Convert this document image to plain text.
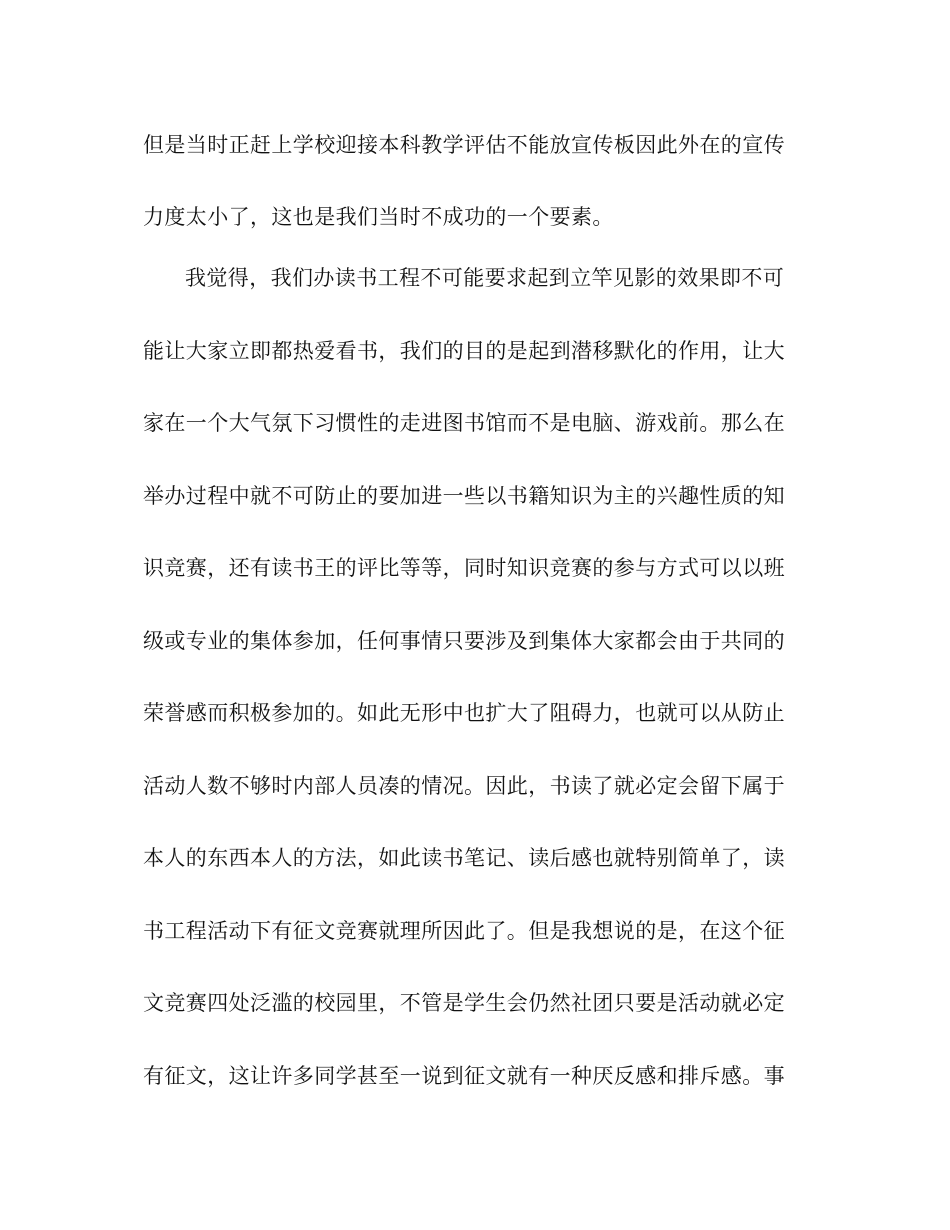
但是当时正赶上学校迎接本科教学评估不能放宣传板因此外在的宣传
力度太小了，这也是我们当时不成功的一个要素。
我觉得，我们办读书工程不可能要求起到立竿见影的效果即不可
能让大家立即都热爱看书，我们的目的是起到潜移默化的作用，让大
家在一个大气氛下习惯性的走进图书馆而不是电脑、游戏前。那么在
举办过程中就不可防止的要加进一些以书籍知识为主的兴趣性质的知
识竞赛，还有读书王的评比等等，同时知识竞赛的参与方式可以以班
级或专业的集体参加，任何事情只要涉及到集体大家都会由于共同的
荣誉感而积极参加的。如此无形中也扩大了阻碍力，也就可以从防止
活动人数不够时内部人员凑的情况。因此，书读了就必定会留下属于
本人的东西本人的方法，如此读书笔记、读后感也就特别简单了，读
书工程活动下有征文竞赛就理所因此了。但是我想说的是，在这个征
文竞赛四处泛滥的校园里，不管是学生会仍然社团只要是活动就必定
有征文，这让许多同学甚至一说到征文就有一种厌反感和排斥感。事
